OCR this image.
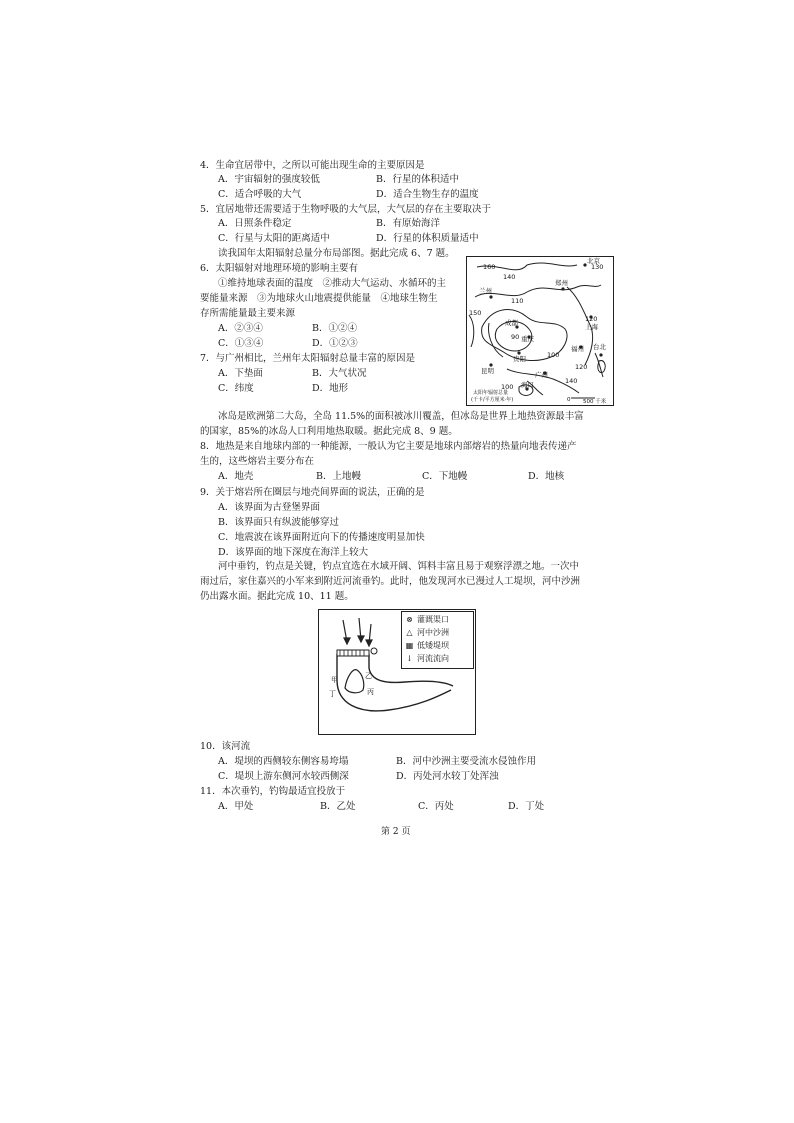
4．生命宜居带中，之所以可能出现生命的主要原因是
A．宇宙辐射的强度较低	B．行星的体积适中
C．适合呼吸的大气	D．适合生物生存的温度
5．宜居地带还需要适于生物呼吸的大气层，大气层的存在主要取决于
A．日照条件稳定	B．有原始海洋
C．行星与太阳的距离适中	D．行星的体积质量适中
读我国年太阳辐射总量分布局部图。据此完成 6、7 题。
6．太阳辐射对地理环境的影响主要有
①维持地球表面的温度　②推动大气运动、水循环的主
要能量来源　③为地球火山地震提供能量　④地球生物生
存所需能量最主要来源
A．②③④	B．①②④
C．①③④	D．①②③
7．与广州相比，兰州年太阳辐射总量丰富的原因是
A．下垫面	B．大气状况
C．纬度	D．地形
160
140
130
110
120
150
90
100
120
140
100
北京
郑州
兰州
上海
成都
重庆
贵阳
福州 台北
昆明	广州
海口
太阳年辐射总量
(千卡/平方厘米·年)	0 500 千米
冰岛是欧洲第二大岛，全岛 11.5%的面积被冰川覆盖，但冰岛是世界上地热资源最丰富
的国家，85%的冰岛人口利用地热取暖。据此完成 8、9 题。
8．地热是来自地球内部的一种能源，一般认为它主要是地球内部熔岩的热量向地表传递产
生的，这些熔岩主要分布在
A．地壳	B．上地幔	C．下地幔	D．地核
9．关于熔岩所在圈层与地壳间界面的说法，正确的是
A．该界面为古登堡界面
B．该界面只有纵波能够穿过
C．地震波在该界面附近向下的传播速度明显加快
D．该界面的地下深度在海洋上较大
河中垂钓，钓点是关键，钓点宜选在水域开阔、饵料丰富且易于观察浮漂之地。一次中
雨过后，家住嘉兴的小军来到附近河流垂钓。此时，他发现河水已漫过人工堤坝，河中沙洲
仍出露水面。据此完成 10、11 题。
甲	乙
丙
丁
⊗ 灌溉渠口
△ 河中沙洲
▦ 低矮堤坝
↓ 河流流向
10．该河流
A．堤坝的西侧较东侧容易垮塌	B．河中沙洲主要受流水侵蚀作用
C．堤坝上游东侧河水较西侧深	D．丙处河水较丁处浑浊
11．本次垂钓，钓钩最适宜投放于
A．甲处	B．乙处	C．丙处	D．丁处
第 2 页
